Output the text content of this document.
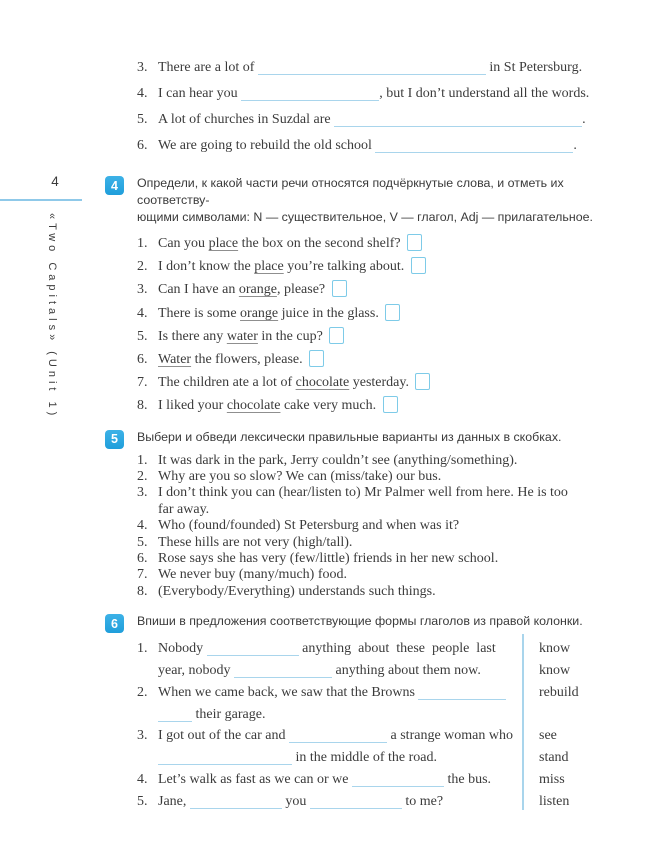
4
«Two Capitals» (Unit 1)
3. There are a lot of	in St Petersburg.
4. I can hear you	, but I don’t understand all the words.
5. A lot of churches in Suzdal are	.
6. We are going to rebuild the old school	.
4	Определи, к какой части речи относятся подчёркнутые слова, и отметь их соответству-
ющими символами: N — существительное, V — глагол, Adj — прилагательное.
1. Can you place the box on the second shelf?
2. I don’t know the place you’re talking about.
3. Can I have an orange, please?
4. There is some orange juice in the glass.
5. Is there any water in the cup?
6. Water the flowers, please.
7. The children ate a lot of chocolate yesterday.
8. I liked your chocolate cake very much.
5	Выбери и обведи лексически правильные варианты из данных в скобках.
1. It was dark in the park, Jerry couldn’t see (anything/something).
2. Why are you so slow? We can (miss/take) our bus.
3. I don’t think you can (hear/listen to) Mr Palmer well from here. He is too
far away.
4. Who (found/founded) St Petersburg and when was it?
5. These hills are not very (high/tall).
6. Rose says she has very (few/little) friends in her new school.
7. We never buy (many/much) food.
8. (Everybody/Everything) understands such things.
6	Впиши в предложения соответствующие формы глаголов из правой колонки.
1. Nobody	anything  about  these  people  last	know
year, nobody	anything about them now.	know
2. When we came back, we saw that the Browns	rebuild
their garage.
3. I got out of the car and	a strange woman who	see
in the middle of the road.	stand
4. Let’s walk as fast as we can or we	the bus.	miss
5. Jane,	you	to me?	listen
